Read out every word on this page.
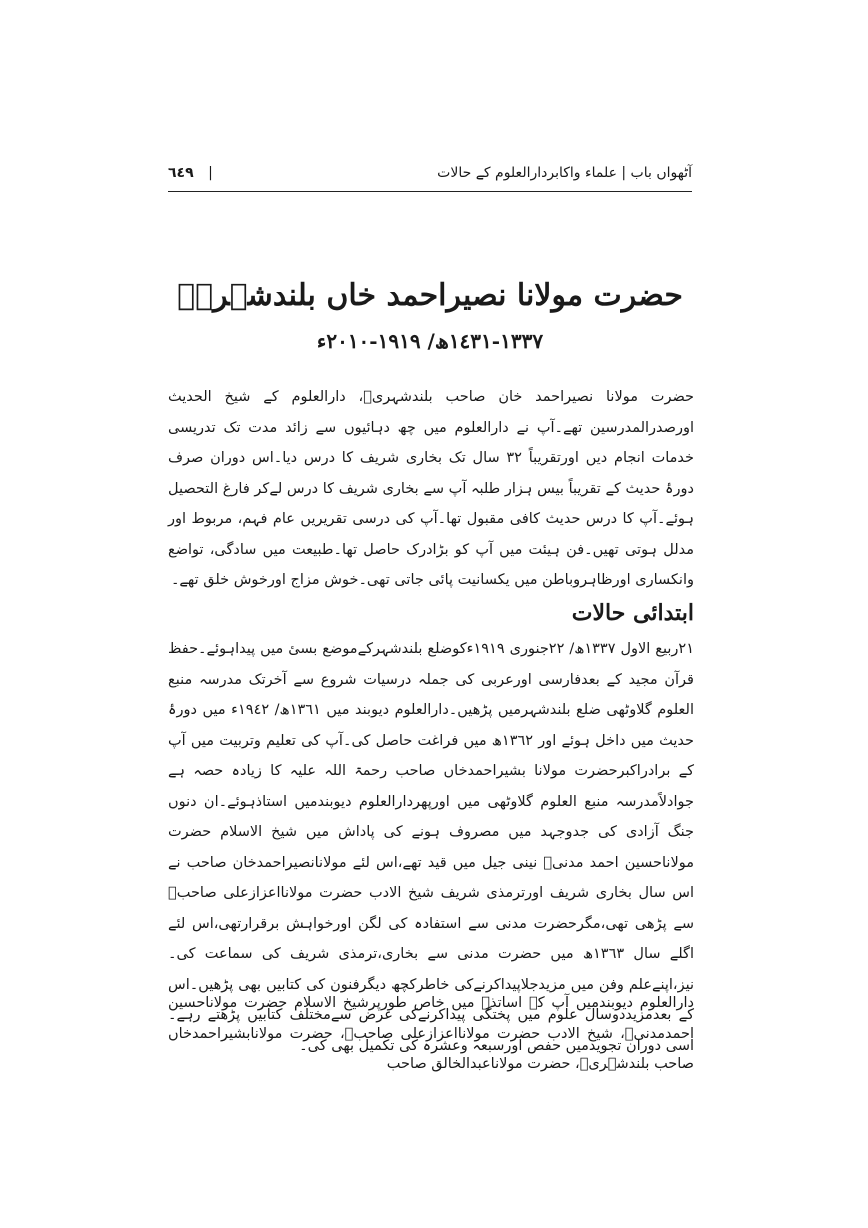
آٹھواں باب | علماء واکابردارالعلوم کے حالات
| ٦٤٩
حضرت مولانا نصیراحمد خاں بلندشہریؒ
١٣٣٧-١٤٣١ھ/ ١٩١٩-٢٠١٠ء

حضرت مولانا نصیراحمد خان صاحب بلندشہریؒ، دارالعلوم کے شیخ الحدیث اورصدرالمدرسین تھے۔آپ نے دارالعلوم میں چھ دہائیوں سے زائد مدت تک تدریسی خدمات انجام دیں اورتقریباً ٣٢ سال تک بخاری شریف کا درس دیا۔اس دوران صرف دورۂ حدیث کے تقریباً بیس ہزار طلبہ آپ سے بخاری شریف کا درس لےکر فارغ التحصیل ہوئے۔آپ کا درس حدیث کافی مقبول تھا۔آپ کی درسی تقریریں عام فہم، مربوط اور مدلل ہوتی تھیں۔فن ہیئت میں آپ کو بڑادرک حاصل تھا۔طبیعت میں سادگی، تواضع وانکساری اورظاہروباطن میں یکسانیت پائی جاتی تھی۔خوش مزاج اورخوش خلق تھے۔

ابتدائی حالات

٢١ربیع الاول ١٣٣٧ھ/ ٢٢جنوری ١٩١٩ءکوضلع بلندشہرکےموضع بسیٔ میں پیداہوئے۔حفظ قرآن مجید کے بعدفارسی اورعربی کی جملہ درسیات شروع سے آخرتک مدرسہ منبع العلوم گلاوٹھی ضلع بلندشہرمیں پڑھیں۔دارالعلوم دیوبند میں ١٣٦١ھ/ ١٩٤٢ء میں دورۂ حدیث میں داخل ہوئے اور ١٣٦٢ھ میں فراغت حاصل کی۔آپ کی تعلیم وتربیت میں آپ کے برادراکبرحضرت مولانا بشیراحمدخاں صاحب رحمۃ اللہ علیہ کا زیادہ حصہ ہے جوادلاًمدرسہ منبع العلوم گلاوٹھی میں اورپھردارالعلوم دیوبندمیں استاذہوئے۔ان دنوں جنگ آزادی کی جدوجہد میں مصروف ہونے کی پاداش میں شیخ الاسلام حضرت مولاناحسین احمد مدنیؒ نینی جیل میں قید تھے،اس لئے مولانانصیراحمدخان صاحب نے اس سال بخاری شریف اورترمذی شریف شیخ الادب حضرت مولانااعزازعلی صاحبؒ سے پڑھی تھی،مگرحضرت مدنی سے استفادہ کی لگن اورخواہش برقرارتھی،اس لئے اگلے سال ١٣٦٣ھ میں حضرت مدنی سے بخاری،ترمذی شریف کی سماعت کی۔نیز،اپنےعلم وفن میں مزیدجلاپیداکرنےکی خاطرکچھ دیگرفنون کی کتابیں بھی پڑھیں۔اس کے بعدمزیددوسال علوم میں پختگی پیداکرنےکی غرض سےمختلف کتابیں پڑھتے رہے۔اسی دوران تجویدمیں حفص اورسبعہ وعشرہ کی تکمیل بھی کی۔

دارالعلوم دیوبندمیں آپ کے اساتذہ میں خاص طورپرشیخ الاسلام حضرت مولاناحسین احمدمدنیؒ، شیخ الادب حضرت مولانااعزازعلی صاحبؒ، حضرت مولانابشیراحمدخاں صاحب بلندشہریؒ، حضرت مولاناعبدالخالق صاحب
